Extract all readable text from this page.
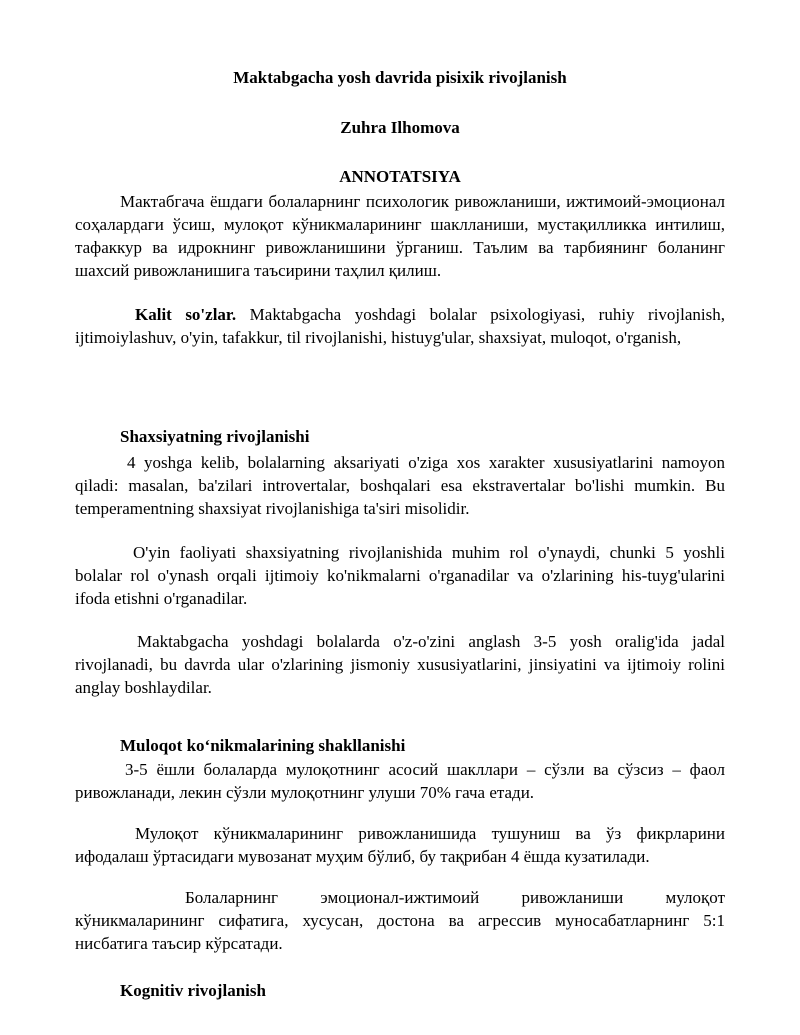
Maktabgacha yosh davrida pisixik rivojlanish
Zuhra Ilhomova
ANNOTATSIYA
Мактабгача ёшдаги болаларнинг психологик ривожланиши, ижтимоий-эмоционал соҳалардаги ўсиш, мулоқот кўникмаларининг шаклланиши, мустақилликка интилиш, тафаккур ва идрокнинг ривожланишини ўрганиш. Таълим ва тарбиянинг боланинг шахсий ривожланишига таъсирини таҳлил қилиш.
Kalit so'zlar. Maktabgacha yoshdagi bolalar psixologiyasi, ruhiy rivojlanish, ijtimoiylashuv, o'yin, tafakkur, til rivojlanishi, histuyg'ular, shaxsiyat, muloqot, o'rganish,
Shaxsiyatning rivojlanishi
4 yoshga kelib, bolalarning aksariyati o'ziga xos xarakter xususiyatlarini namoyon qiladi: masalan, ba'zilari introvertalar, boshqalari esa ekstravertalar bo'lishi mumkin. Bu temperamentning shaxsiyat rivojlanishiga ta'siri misolidir.
O'yin faoliyati shaxsiyatning rivojlanishida muhim rol o'ynaydi, chunki 5 yoshli bolalar rol o'ynash orqali ijtimoiy ko'nikmalarni o'rganadilar va o'zlarining his-tuyg'ularini ifoda etishni o'rganadilar.
Maktabgacha yoshdagi bolalarda o'z-o'zini anglash 3-5 yosh oralig'ida jadal rivojlanadi, bu davrda ular o'zlarining jismoniy xususiyatlarini, jinsiyatini va ijtimoiy rolini anglay boshlaydilar.
Muloqot ko‘nikmalarining shakllanishi
3-5 ёшли болаларда мулоқотнинг асосий шакллари – сўзли ва сўзсиз – фаол ривожланади, лекин сўзли мулоқотнинг улуши 70% гача етади.
Мулоқот кўникмаларининг ривожланишида тушуниш ва ўз фикрларини ифодалаш ўртасидаги мувозанат муҳим бўлиб, бу тақрибан 4 ёшда кузатилади.
Болаларнинг эмоционал-ижтимоий ривожланиши мулоқот кўникмаларининг сифатига, хусусан, достона ва агрессив муносабатларнинг 5:1 нисбатига таъсир кўрсатади.
Kognitiv rivojlanish
